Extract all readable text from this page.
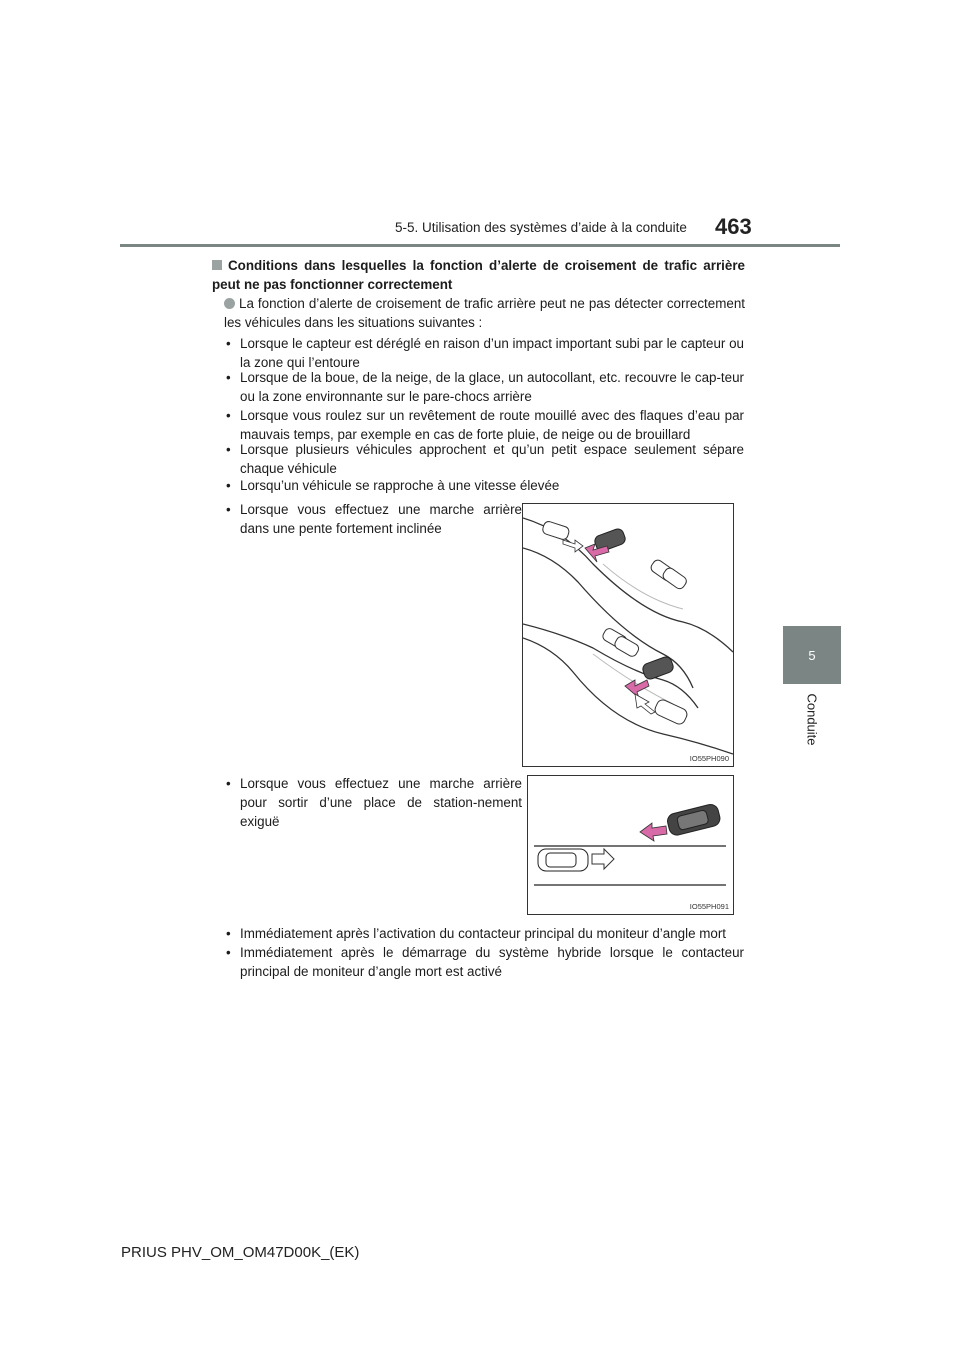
5-5. Utilisation des systèmes d’aide à la conduite 463
5
Conduite
Conditions dans lesquelles la fonction d’alerte de croisement de trafic arrière peut ne pas fonctionner correctement
La fonction d’alerte de croisement de trafic arrière peut ne pas détecter correctement les véhicules dans les situations suivantes :
• Lorsque le capteur est déréglé en raison d’un impact important subi par le capteur ou la zone qui l’entoure
• Lorsque de la boue, de la neige, de la glace, un autocollant, etc. recouvre le cap-teur ou la zone environnante sur le pare-chocs arrière
• Lorsque vous roulez sur un revêtement de route mouillé avec des flaques d’eau par mauvais temps, par exemple en cas de forte pluie, de neige ou de brouillard
• Lorsque plusieurs véhicules approchent et qu’un petit espace seulement sépare chaque véhicule
• Lorsqu’un véhicule se rapproche à une vitesse élevée
• Lorsque vous effectuez une marche arrière dans une pente fortement inclinée
IO55PH090
• Lorsque vous effectuez une marche arrière pour sortir d’une place de station-nement exiguë
IO55PH091
• Immédiatement après l’activation du contacteur principal du moniteur d’angle mort
• Immédiatement après le démarrage du système hybride lorsque le contacteur principal de moniteur d’angle mort est activé
PRIUS PHV_OM_OM47D00K_(EK)
